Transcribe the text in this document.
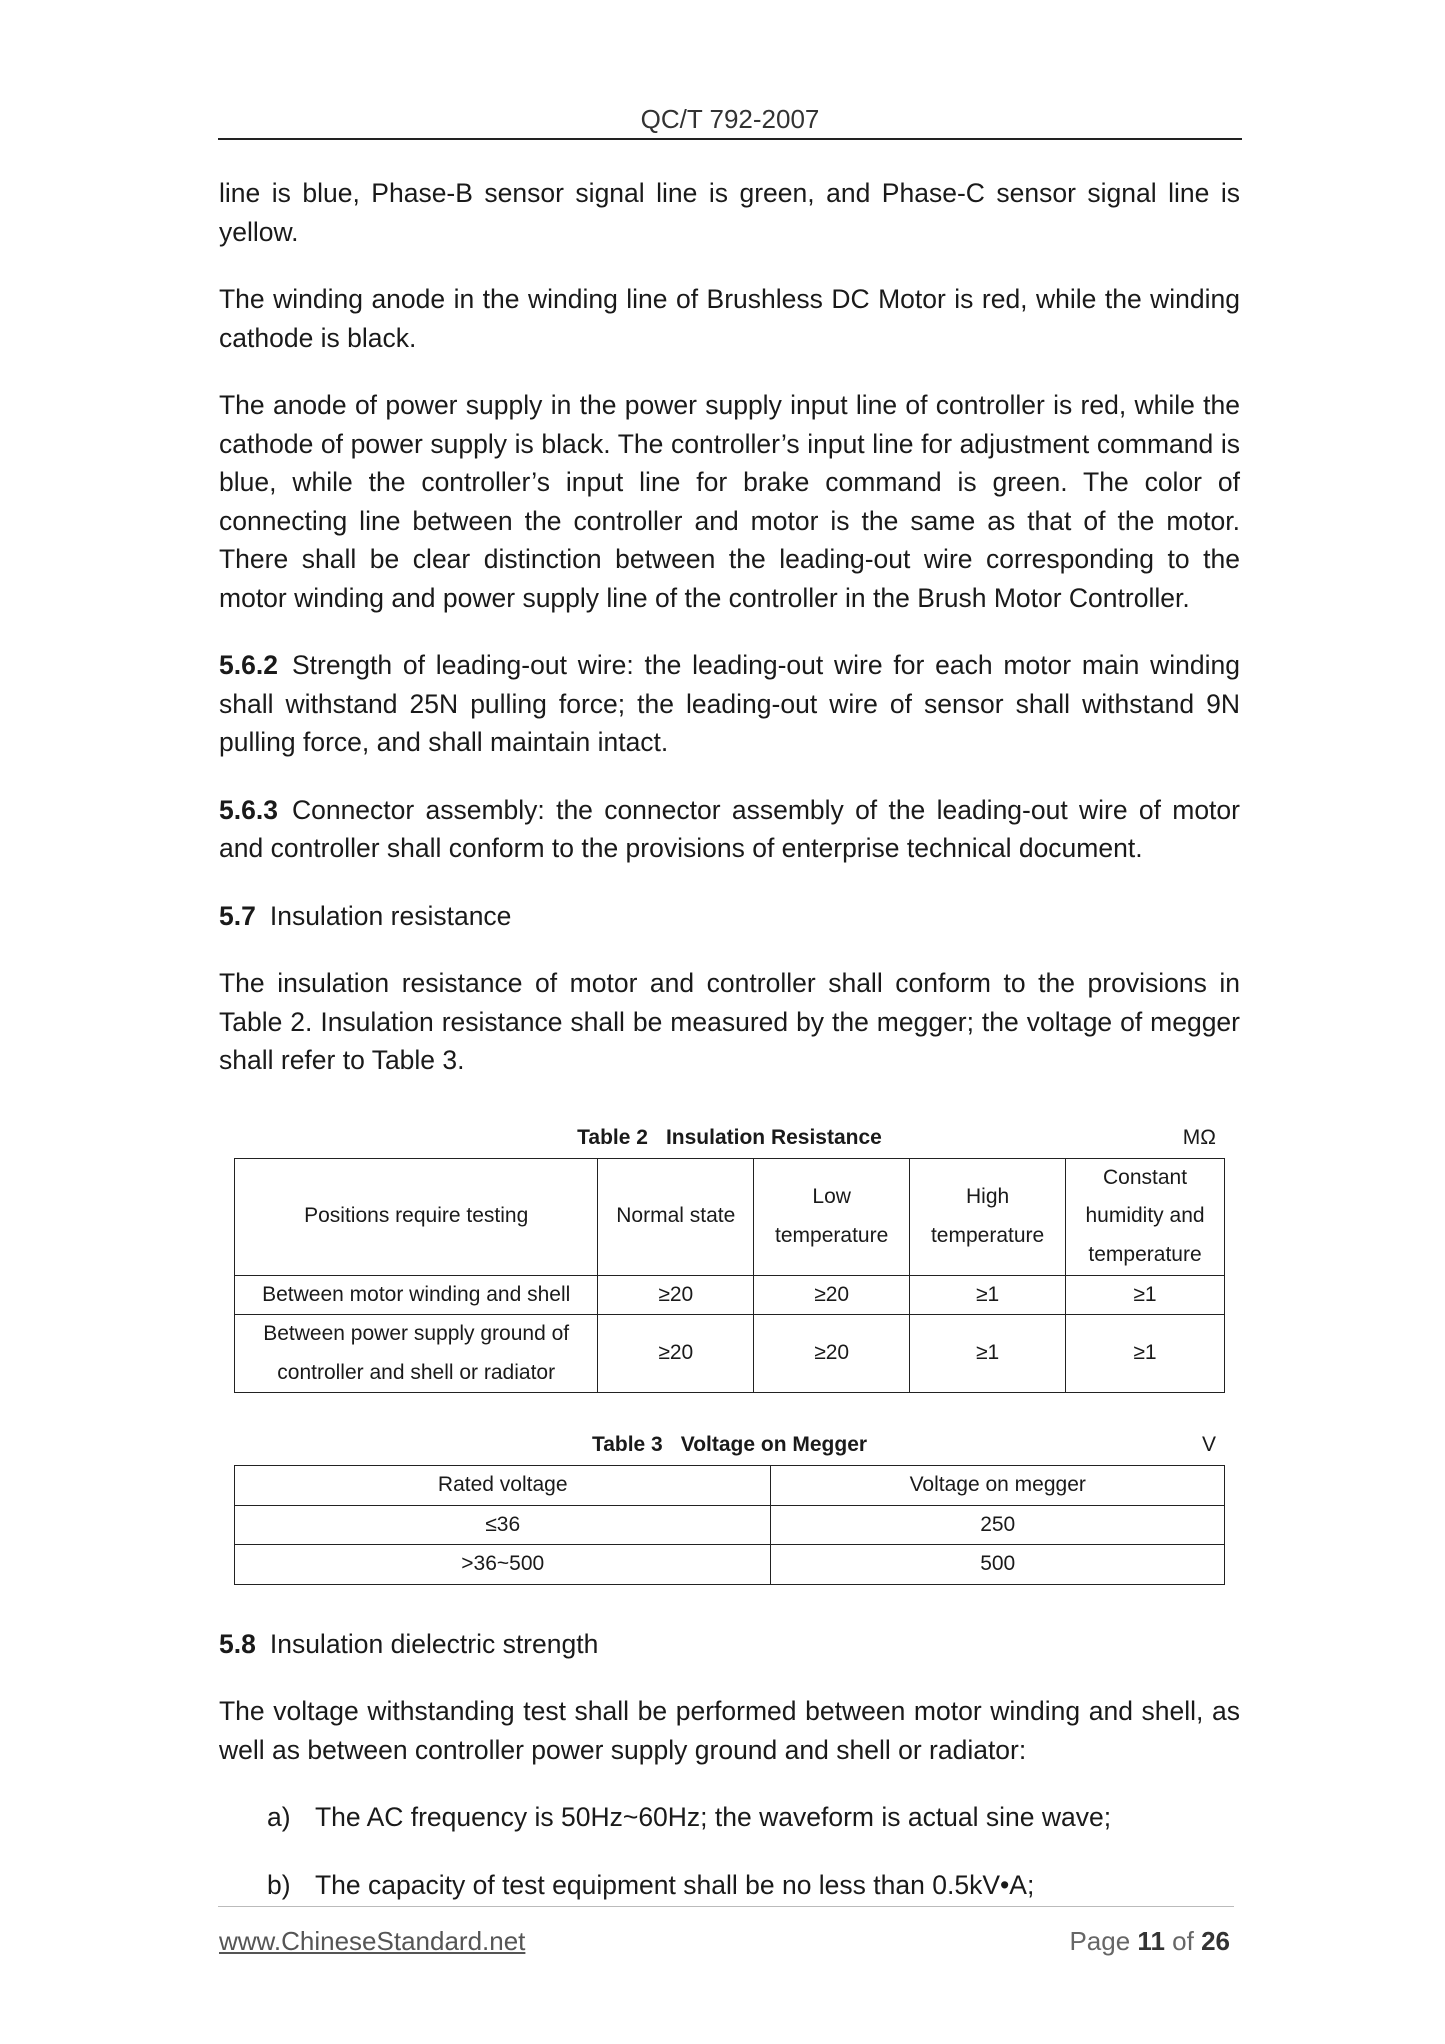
QC/T 792-2007

line is blue, Phase-B sensor signal line is green, and Phase-C sensor signal line is yellow.

The winding anode in the winding line of Brushless DC Motor is red, while the winding cathode is black.

The anode of power supply in the power supply input line of controller is red, while the cathode of power supply is black. The controller’s input line for adjustment command is blue, while the controller’s input line for brake command is green. The color of connecting line between the controller and motor is the same as that of the motor. There shall be clear distinction between the leading-out wire corresponding to the motor winding and power supply line of the controller in the Brush Motor Controller.

5.6.2 Strength of leading-out wire: the leading-out wire for each motor main winding shall withstand 25N pulling force; the leading-out wire of sensor shall withstand 9N pulling force, and shall maintain intact.

5.6.3 Connector assembly: the connector assembly of the leading-out wire of motor and controller shall conform to the provisions of enterprise technical document.

5.7 Insulation resistance

The insulation resistance of motor and controller shall conform to the provisions in Table 2. Insulation resistance shall be measured by the megger; the voltage of megger shall refer to Table 3.

Table 2 Insulation Resistance	MΩ
Positions require testing	Normal state	Low temperature	High temperature	Constant humidity and temperature
Between motor winding and shell	≥20	≥20	≥1	≥1
Between power supply ground of controller and shell or radiator	≥20	≥20	≥1	≥1
Table 3 Voltage on Megger	V
Rated voltage	Voltage on megger
≤36	250
>36~500	500

5.8 Insulation dielectric strength

The voltage withstanding test shall be performed between motor winding and shell, as well as between controller power supply ground and shell or radiator:

a) The AC frequency is 50Hz~60Hz; the waveform is actual sine wave;
b) The capacity of test equipment shall be no less than 0.5kV•A;
www.ChineseStandard.net	Page 11 of 26
